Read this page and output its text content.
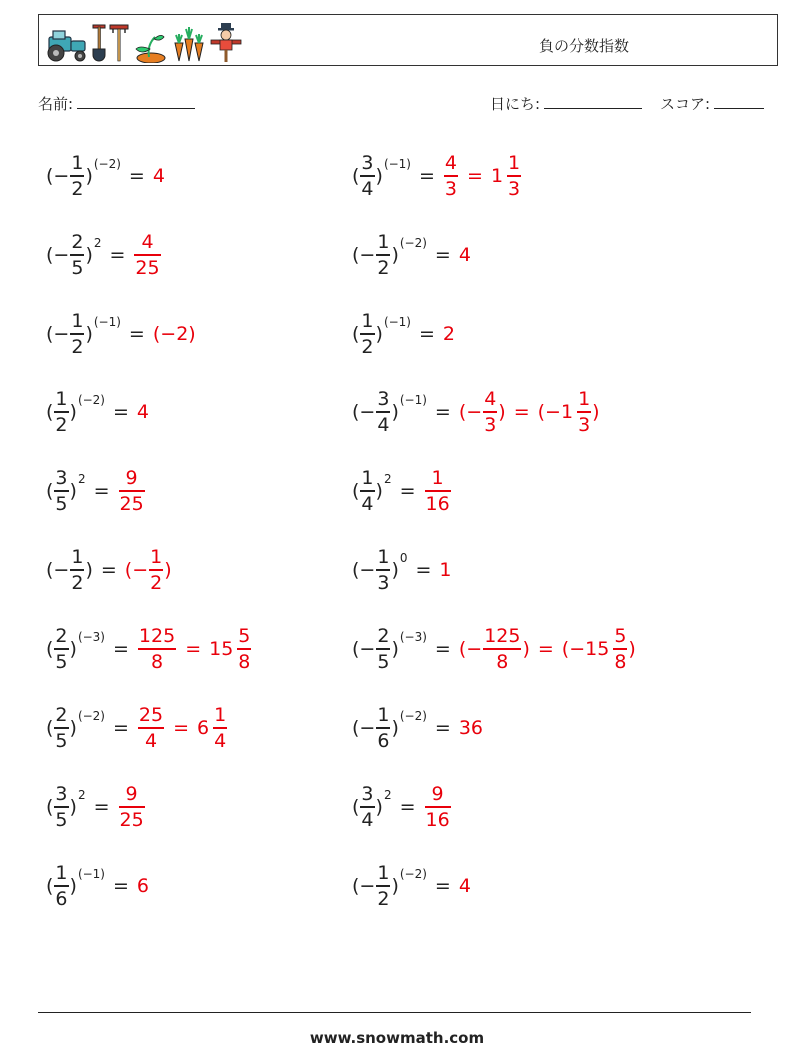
負の分数指数
名前:	日にち:	スコア:
( − $\frac{1}{2}$ )
(−2)
= 4	( $\frac{3}{4}$ )
(−1)
= $\frac{4}{3} = 1 \frac{1}{3}$
( − $\frac{2}{5}$ )
2
= $\frac{4}{25}$	( − $\frac{1}{2}$ )
(−2)
= 4
( − $\frac{1}{2}$ )
(−1)
= ( − 2 )	( $\frac{1}{2}$ )
(−1)
= 2
( $\frac{1}{2}$ )
(−2)
= 4	( − $\frac{3}{4}$ )
(−1)
= ( − $\frac{4}{3}$ ) = ( − $1 \frac{1}{3}$ )
( $\frac{3}{5}$ )
2
= $\frac{9}{25}$	( $\frac{1}{4}$ )
2
= $\frac{1}{16}$
( − $\frac{1}{2}$ ) = ( − $\frac{1}{2}$ )	( − $\frac{1}{3}$ )
0
= 1
( $\frac{2}{5}$ )
(−3)
= $\frac{125}{8} = 15 \frac{5}{8}$	( − $\frac{2}{5}$ )
(−3)
= ( − $\frac{125}{8}$ ) = ( − $15 \frac{5}{8}$ )
( $\frac{2}{5}$ )
(−2)
= $\frac{25}{4} = 6 \frac{1}{4}$	( − $\frac{1}{6}$ )
(−2)
= 36
( $\frac{3}{5}$ )
2
= $\frac{9}{25}$	( $\frac{3}{4}$ )
2
= $\frac{9}{16}$
( $\frac{1}{6}$ )
(−1)
= 6	( − $\frac{1}{2}$ )
(−2)
= 4
www.snowmath.com
